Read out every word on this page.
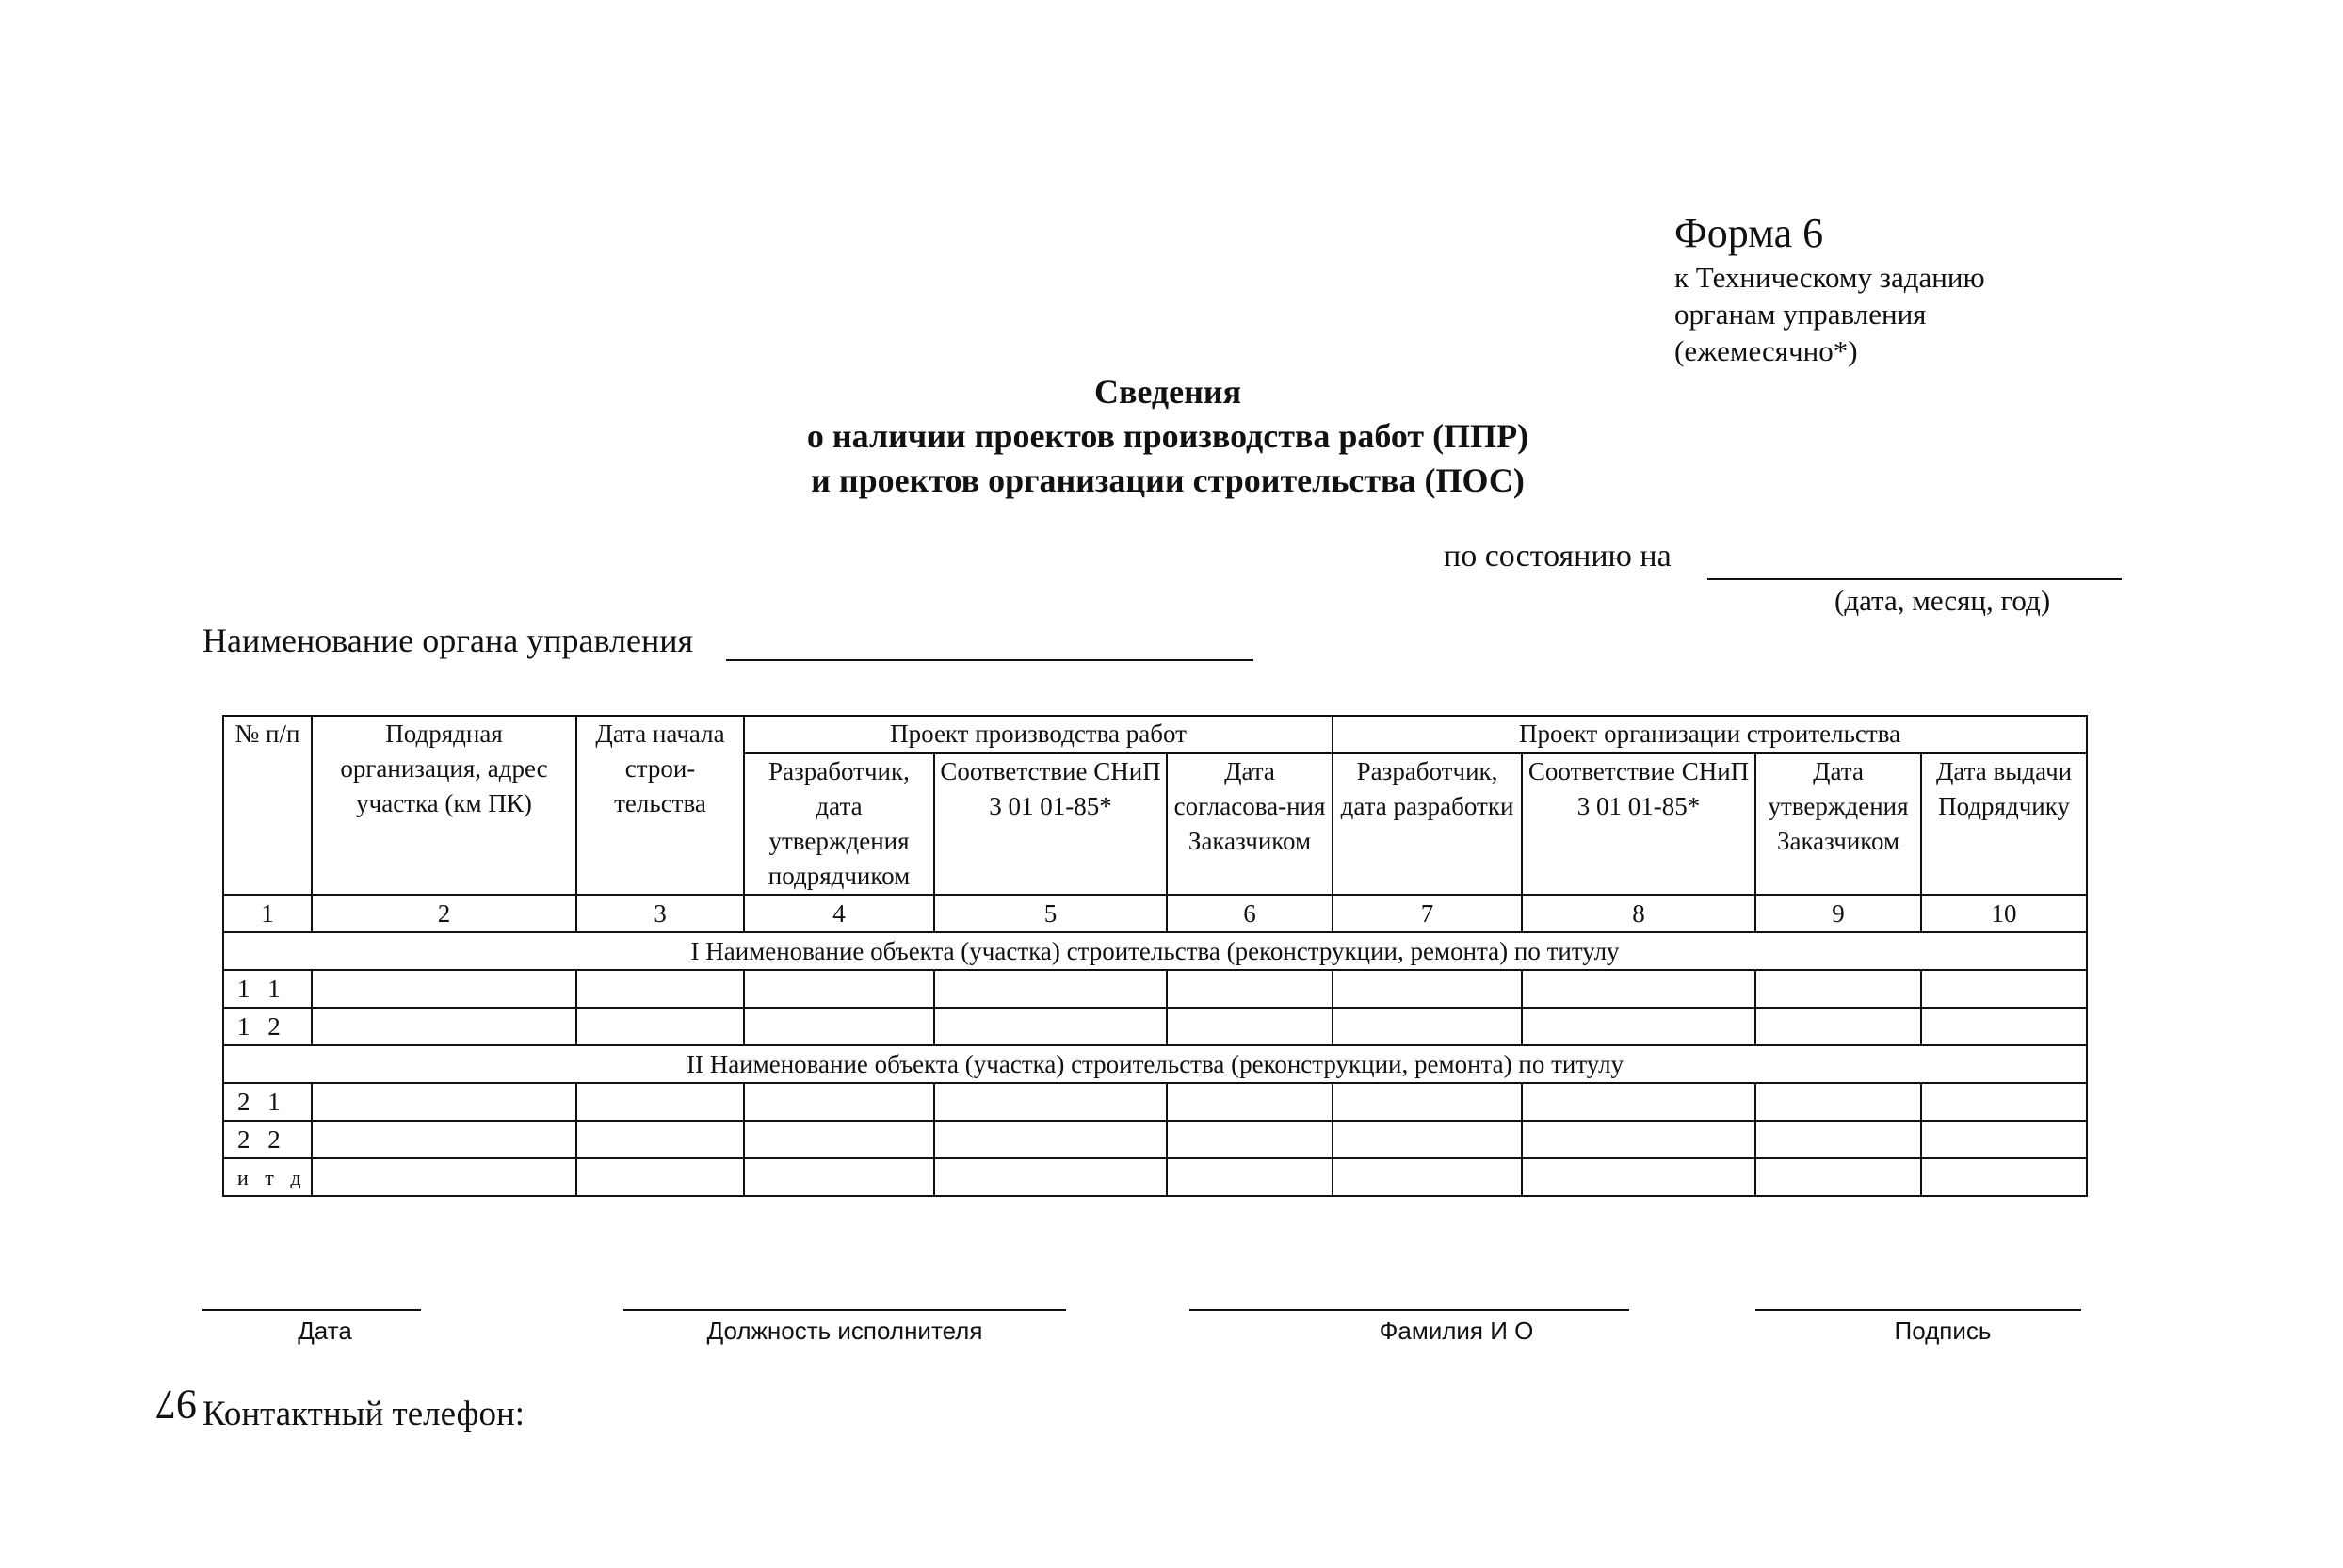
Форма 6
к Техническому заданию
органам управления
(ежемесячно*)
Сведения
о наличии проектов производства работ (ППР)
и проектов организации строительства (ПОС)
по состоянию на
(дата, месяц, год)
Наименование органа управления
№ п/п	Подрядная организация, адрес участка (км ПК)	Дата начала строи-тельства	Проект производства работ			Проект организации строительства			
			Разработчик, дата утверждения подрядчиком	Соответствие СНиП 3 01 01-85*	Дата согласова-ния Заказчиком	Разработчик, дата разработки	Соответствие СНиП 3 01 01-85*	Дата утверждения Заказчиком	Дата выдачи Подрядчику
1	2	3	4	5	6	7	8	9	10
I Наименование объекта (участка) строительства (реконструкции, ремонта) по титулу									
1 1									
1 2									
II Наименование объекта (участка) строительства (реконструкции, ремонта) по титулу									
2 1									
2 2									
и т д									
Дата	Должность исполнителя	Фамилия И О	Подпись
97 Контактный телефон:
